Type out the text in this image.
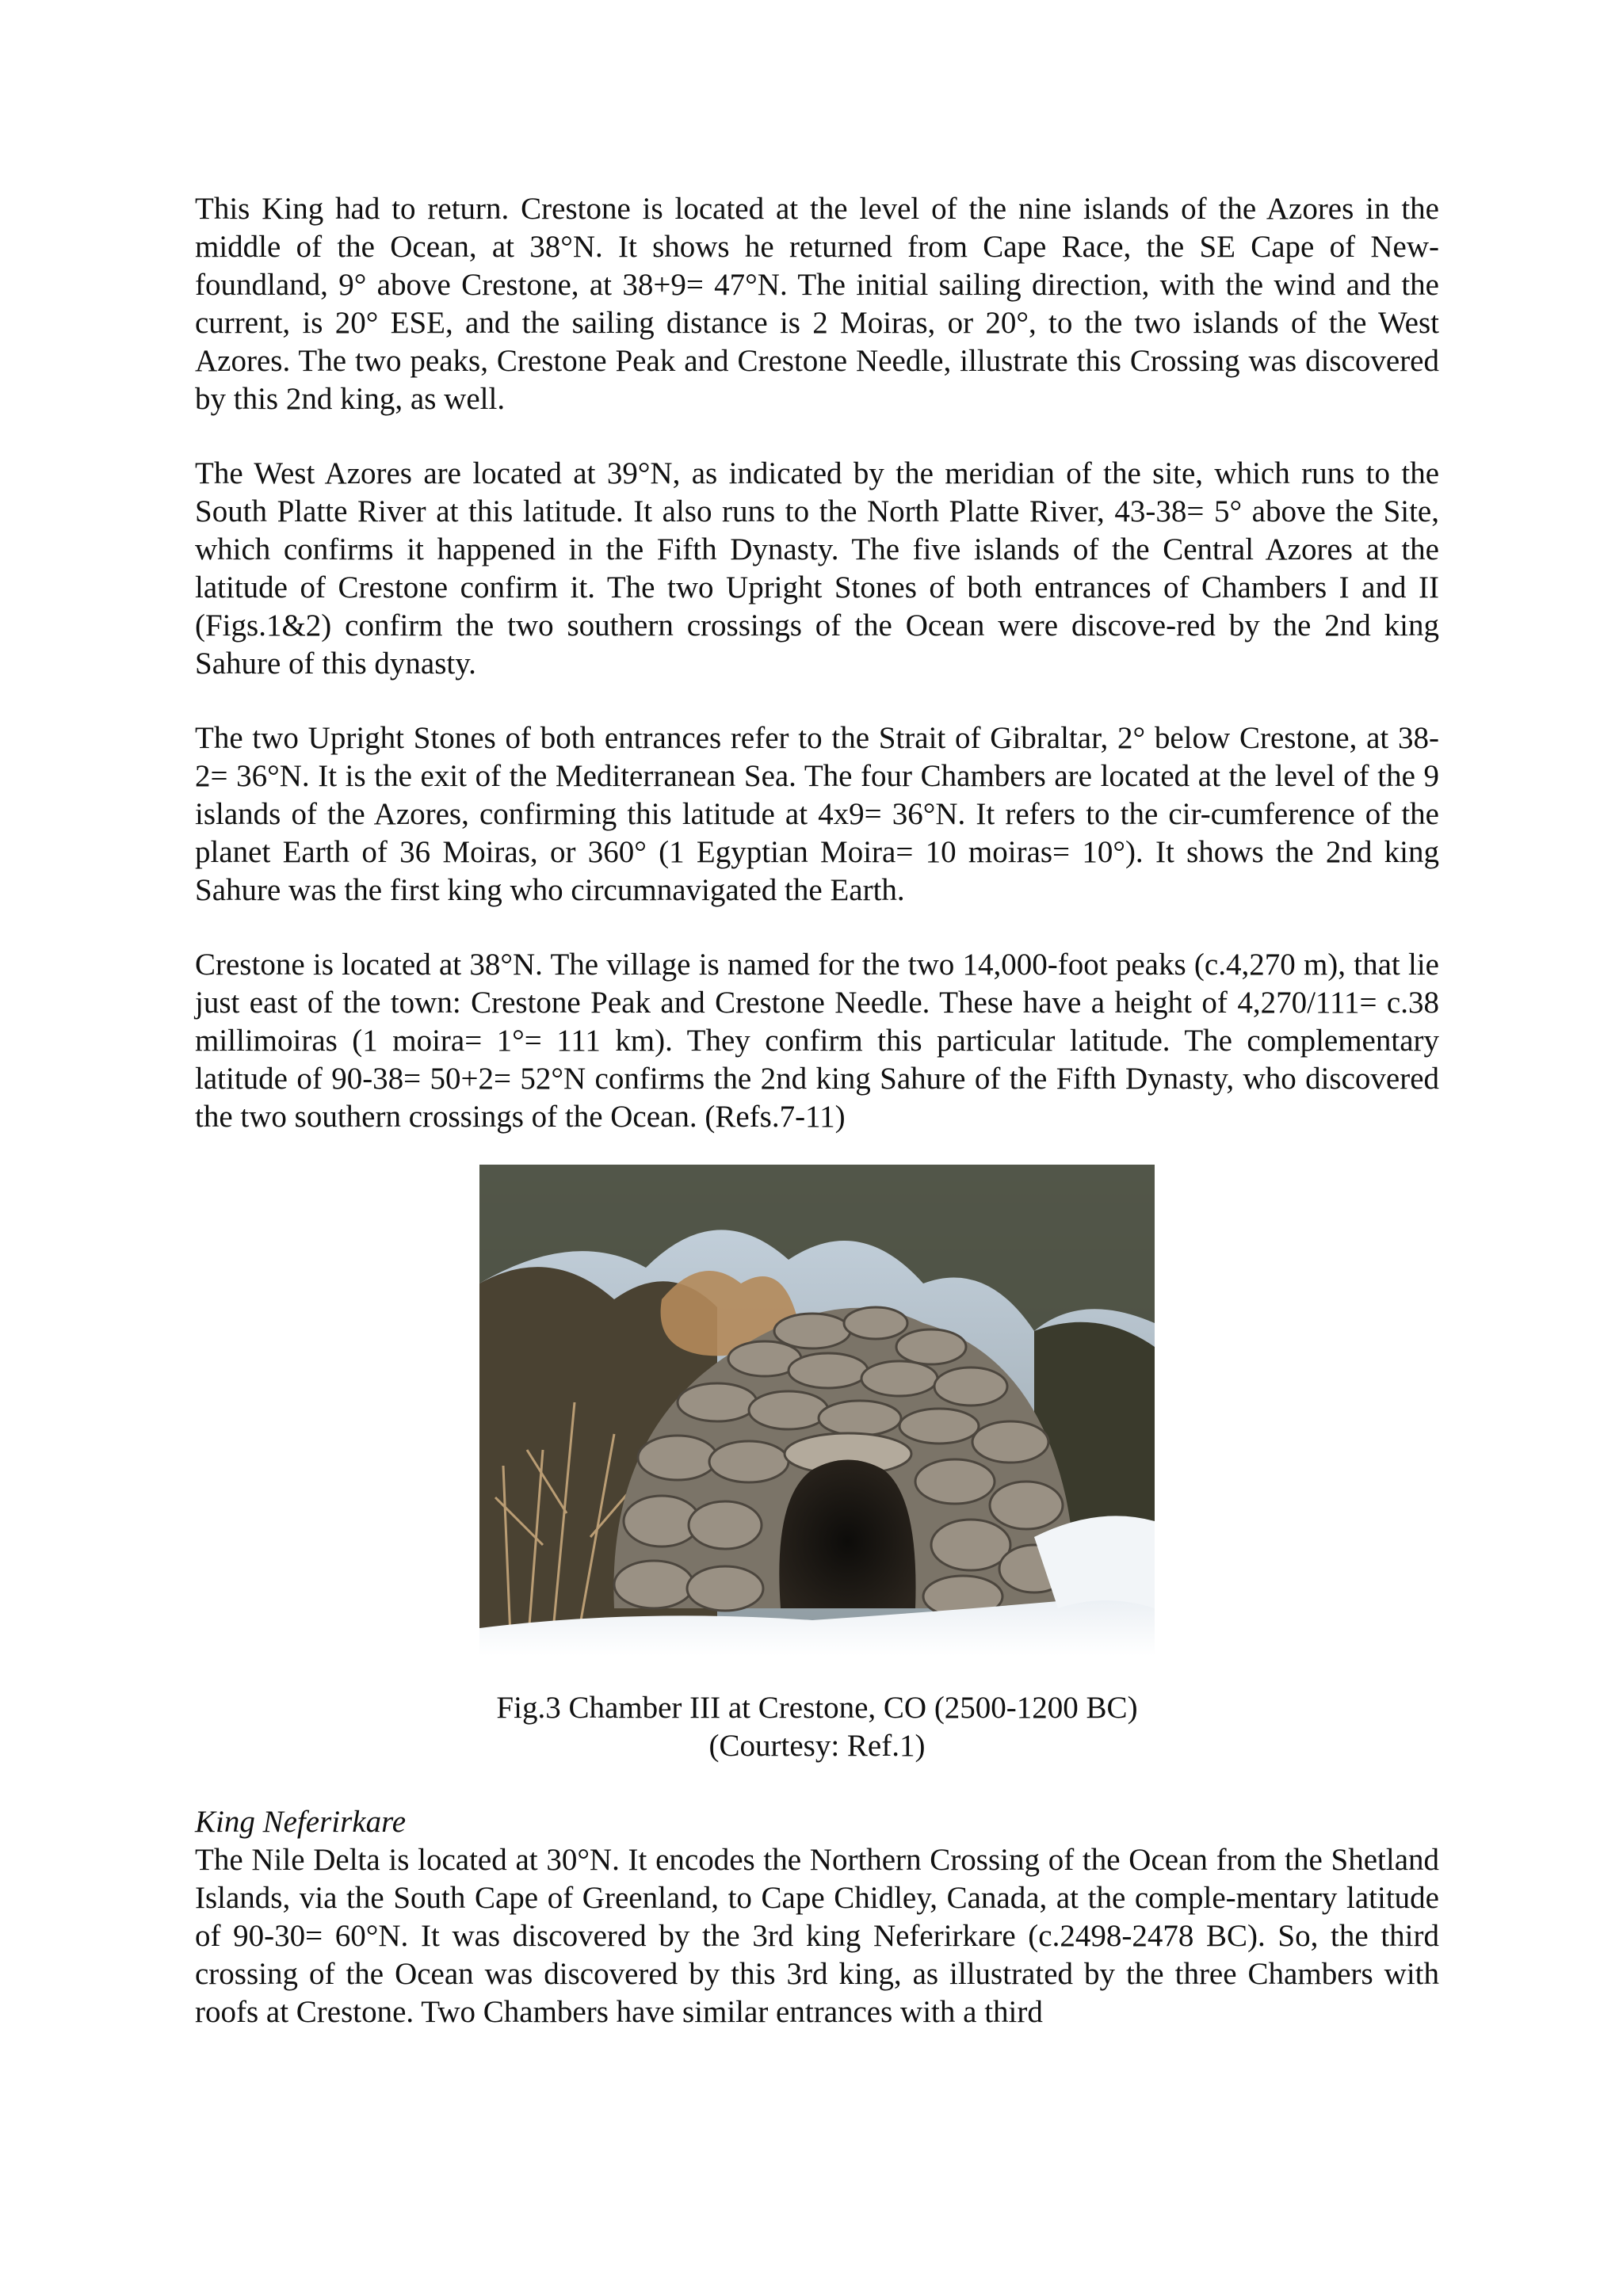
This King had to return. Crestone is located at the level of the nine islands of the Azores in the middle of the Ocean, at 38°N. It shows he returned from Cape Race, the SE Cape of New-foundland, 9° above Crestone, at 38+9= 47°N. The initial sailing direction, with the wind and the current, is 20° ESE, and the sailing distance is 2 Moiras, or 20°, to the two islands of the West Azores. The two peaks, Crestone Peak and Crestone Needle, illustrate this Crossing was discovered by this 2nd king, as well.

The West Azores are located at 39°N, as indicated by the meridian of the site, which runs to the South Platte River at this latitude. It also runs to the North Platte River, 43-38= 5° above the Site, which confirms it happened in the Fifth Dynasty. The five islands of the Central Azores at the latitude of Crestone confirm it. The two Upright Stones of both entrances of Chambers I and II (Figs.1&2) confirm the two southern crossings of the Ocean were discove-red by the 2nd king Sahure of this dynasty.

The two Upright Stones of both entrances refer to the Strait of Gibraltar, 2° below Crestone, at 38-2= 36°N. It is the exit of the Mediterranean Sea. The four Chambers are located at the level of the 9 islands of the Azores, confirming this latitude at 4x9= 36°N. It refers to the cir-cumference of the planet Earth of 36 Moiras, or 360° (1 Egyptian Moira= 10 moiras= 10°). It shows the 2nd king Sahure was the first king who circumnavigated the Earth.

Crestone is located at 38°N. The village is named for the two 14,000-foot peaks (c.4,270 m), that lie just east of the town: Crestone Peak and Crestone Needle. These have a height of 4,270/111= c.38 millimoiras (1 moira= 1°= 111 km). They confirm this particular latitude. The complementary latitude of 90-38= 50+2= 52°N confirms the 2nd king Sahure of the Fifth Dynasty, who discovered the two southern crossings of the Ocean. (Refs.7-11)

Fig.3 Chamber III at Crestone, CO (2500-1200 BC)
(Courtesy: Ref.1)

King Neferirkare

The Nile Delta is located at 30°N. It encodes the Northern Crossing of the Ocean from the Shetland Islands, via the South Cape of Greenland, to Cape Chidley, Canada, at the comple-mentary latitude of 90-30= 60°N. It was discovered by the 3rd king Neferirkare (c.2498-2478 BC). So, the third crossing of the Ocean was discovered by this 3rd king, as illustrated by the three Chambers with roofs at Crestone. Two Chambers have similar entrances with a third
